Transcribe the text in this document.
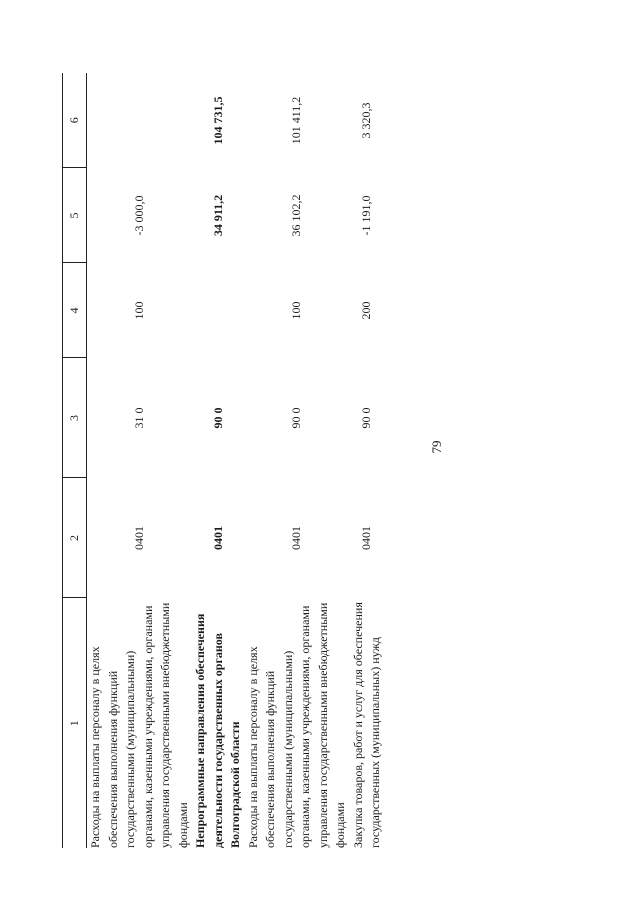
79
1	2	3	4	5	6
Расходы на выплаты персоналу в целях обеспечения выполнения функций государственными (муниципальными) органами, казенными учреждениями, органами управления государственными внебюджетными фондами	0401	31 0	100	-3 000,0	
Непрограммные направления обеспечения деятельности государственных органов Волгоградской области	0401	90 0		34 911,2	104 731,5
Расходы на выплаты персоналу в целях обеспечения выполнения функций государственными (муниципальными) органами, казенными учреждениями, органами управления государственными внебюджетными фондами	0401	90 0	100	36 102,2	101 411,2
Закупка товаров, работ и услуг для обеспечения государственных (муниципальных) нужд	0401	90 0	200	-1 191,0	3 320,3
